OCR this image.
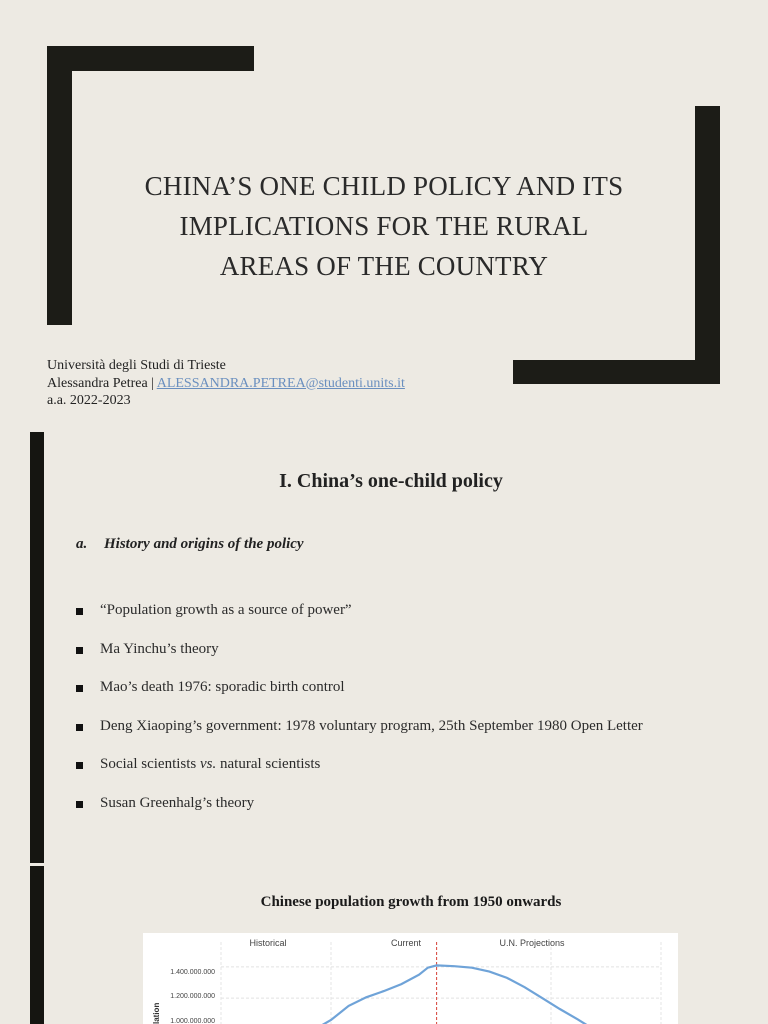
CHINA’S ONE CHILD POLICY AND ITS
IMPLICATIONS FOR THE RURAL
AREAS OF THE COUNTRY
Università degli Studi di Trieste
Alessandra Petrea | ALESSANDRA.PETREA@studenti.units.it
a.a. 2022-2023
I. China’s one-child policy
a. History and origins of the policy
“Population growth as a source of power”
Ma Yinchu’s theory
Mao’s death 1976: sporadic birth control
Deng Xiaoping’s government: 1978 voluntary program, 25th September 1980 Open Letter
Social scientists vs. natural scientists
Susan Greenhalg’s theory
Chinese population growth from 1950 onwards
Historical	Current	U.N. Projections
1.400.000.000
1.200.000.000
1.000.000.000
lation
